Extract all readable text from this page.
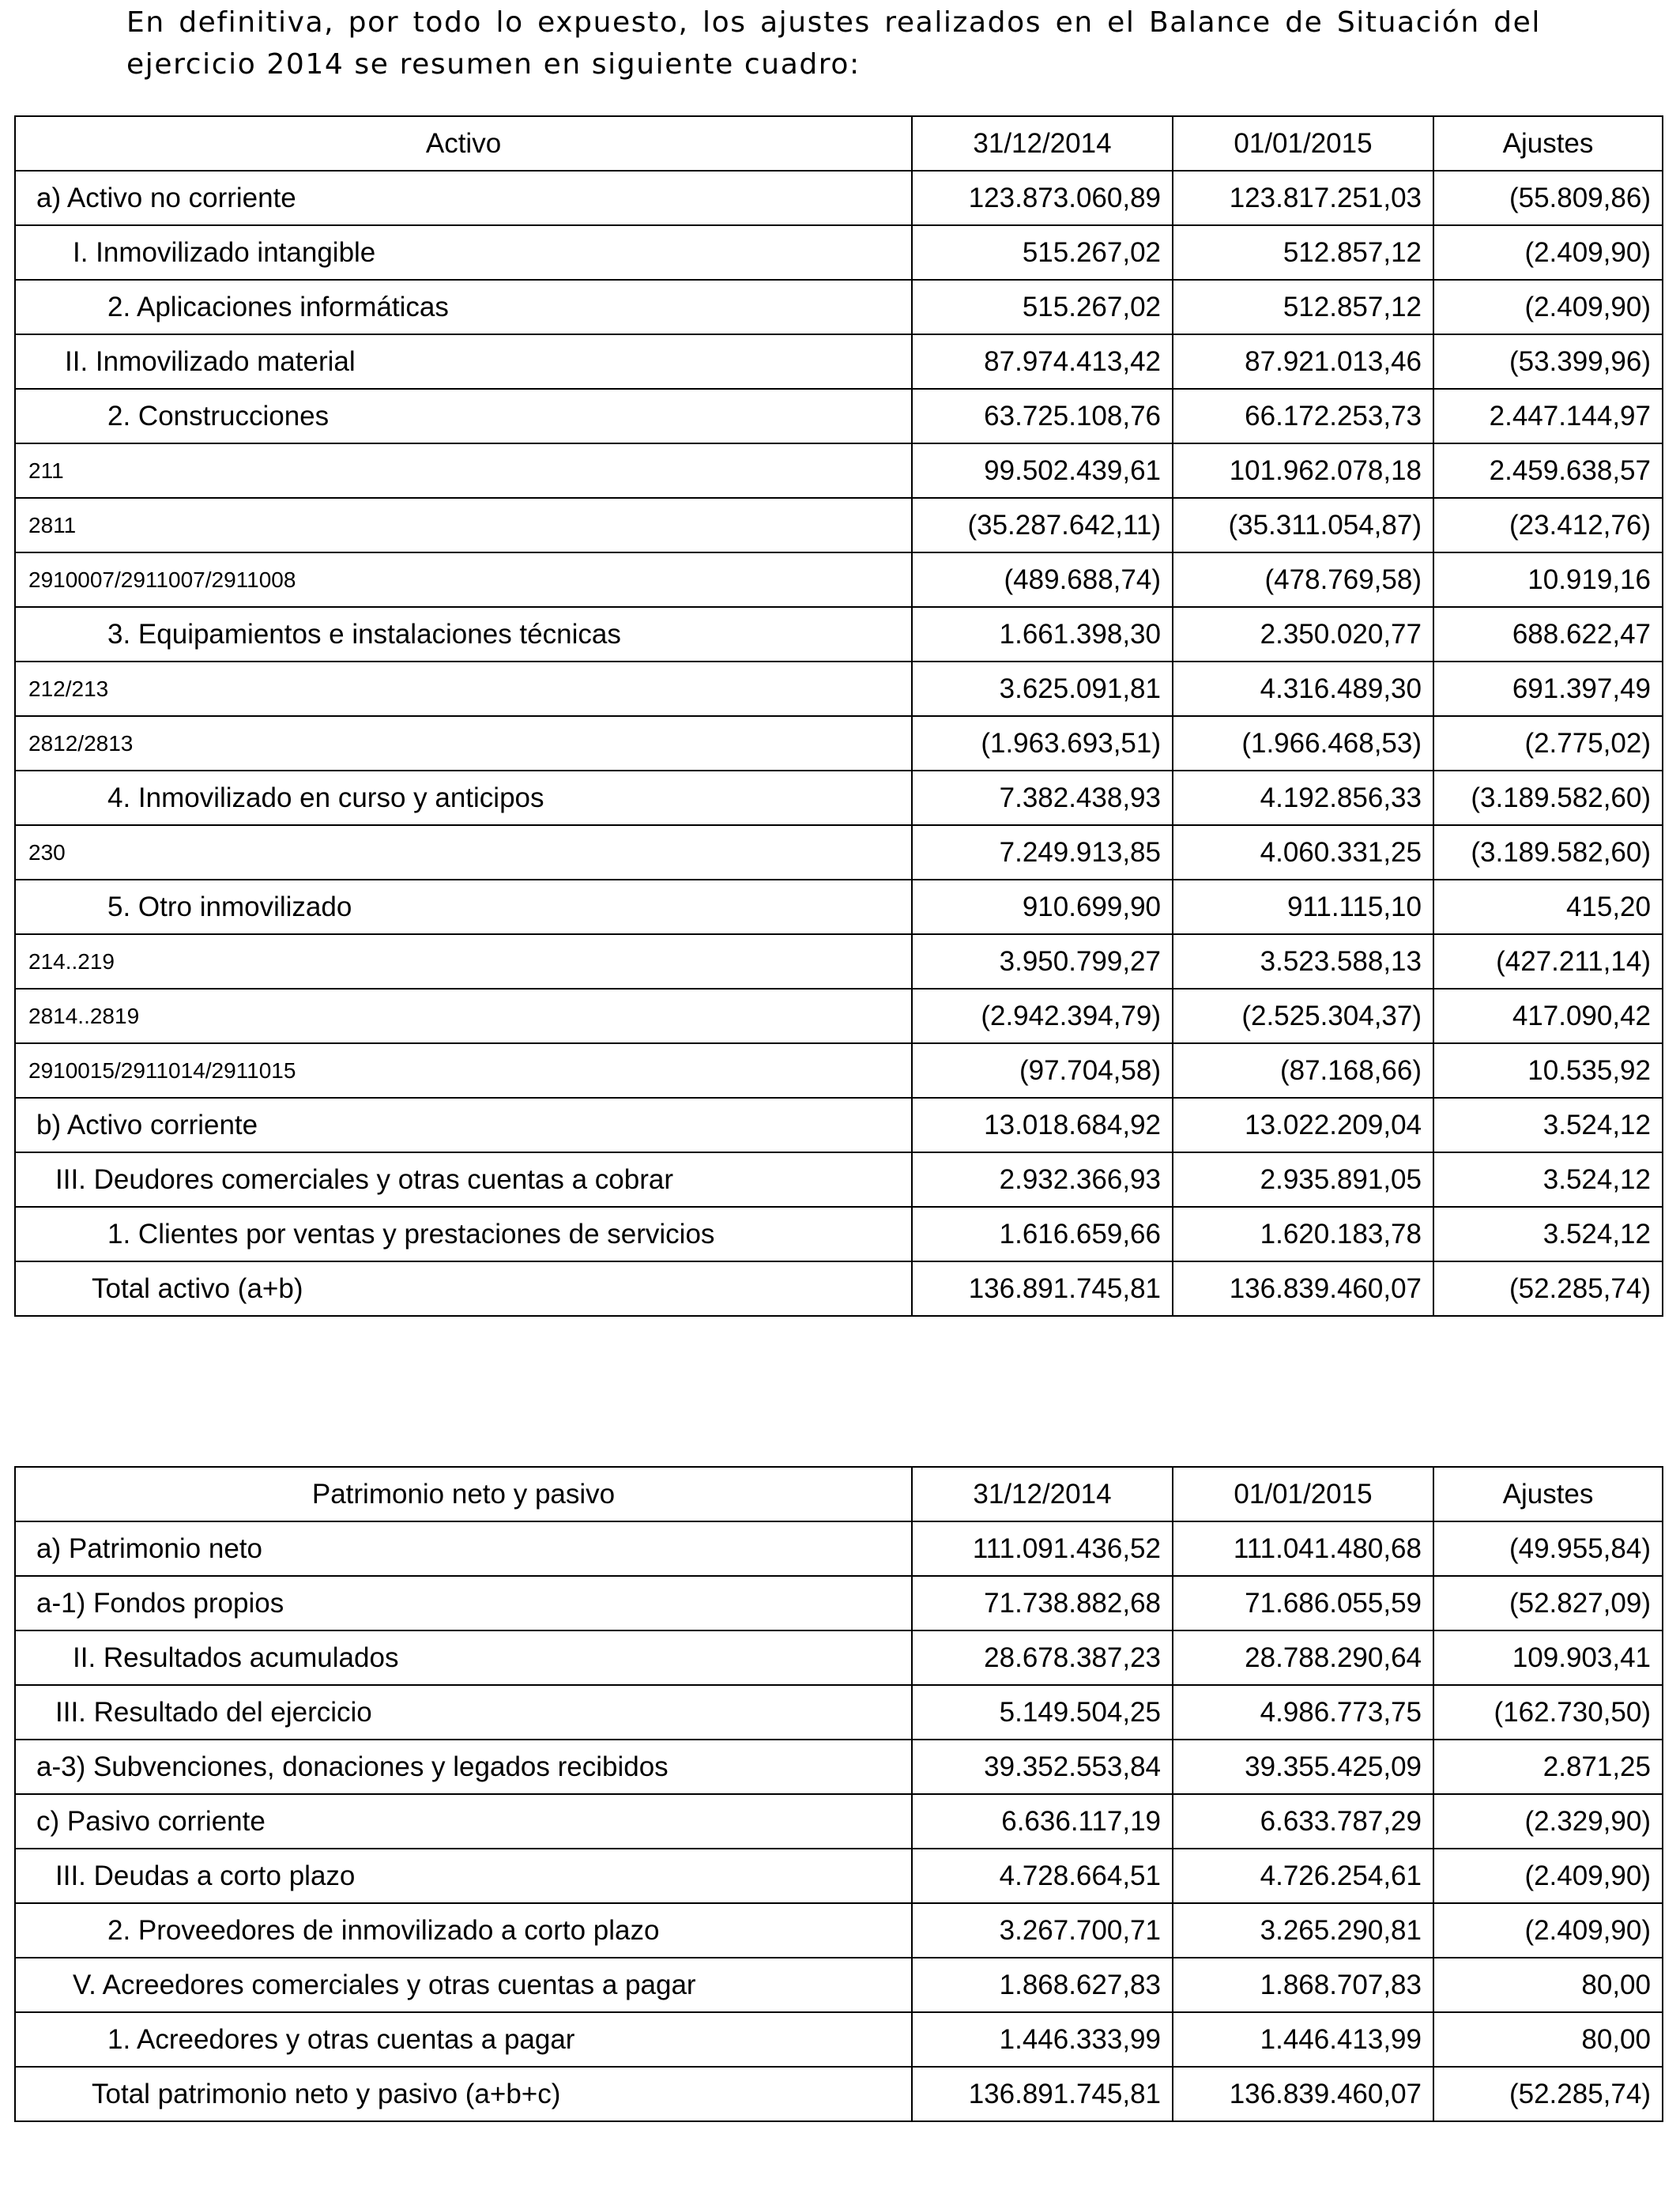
En definitiva, por todo lo expuesto, los ajustes realizados en el Balance de Situación del ejercicio 2014 se resumen en siguiente cuadro:

Activo	31/12/2014	01/01/2015	Ajustes
a) Activo no corriente	123.873.060,89	123.817.251,03	(55.809,86)
I. Inmovilizado intangible	515.267,02	512.857,12	(2.409,90)
2. Aplicaciones informáticas	515.267,02	512.857,12	(2.409,90)
II. Inmovilizado material	87.974.413,42	87.921.013,46	(53.399,96)
2. Construcciones	63.725.108,76	66.172.253,73	2.447.144,97
211	99.502.439,61	101.962.078,18	2.459.638,57
2811	(35.287.642,11)	(35.311.054,87)	(23.412,76)
2910007/2911007/2911008	(489.688,74)	(478.769,58)	10.919,16
3. Equipamientos e instalaciones técnicas	1.661.398,30	2.350.020,77	688.622,47
212/213	3.625.091,81	4.316.489,30	691.397,49
2812/2813	(1.963.693,51)	(1.966.468,53)	(2.775,02)
4. Inmovilizado en curso y anticipos	7.382.438,93	4.192.856,33	(3.189.582,60)
230	7.249.913,85	4.060.331,25	(3.189.582,60)
5. Otro inmovilizado	910.699,90	911.115,10	415,20
214..219	3.950.799,27	3.523.588,13	(427.211,14)
2814..2819	(2.942.394,79)	(2.525.304,37)	417.090,42
2910015/2911014/2911015	(97.704,58)	(87.168,66)	10.535,92
b) Activo corriente	13.018.684,92	13.022.209,04	3.524,12
III. Deudores comerciales y otras cuentas a cobrar	2.932.366,93	2.935.891,05	3.524,12
1. Clientes por ventas y prestaciones de servicios	1.616.659,66	1.620.183,78	3.524,12
Total activo (a+b)	136.891.745,81	136.839.460,07	(52.285,74)
Patrimonio neto y pasivo	31/12/2014	01/01/2015	Ajustes
a) Patrimonio neto	111.091.436,52	111.041.480,68	(49.955,84)
a-1) Fondos propios	71.738.882,68	71.686.055,59	(52.827,09)
II. Resultados acumulados	28.678.387,23	28.788.290,64	109.903,41
III. Resultado del ejercicio	5.149.504,25	4.986.773,75	(162.730,50)
a-3) Subvenciones, donaciones y legados recibidos	39.352.553,84	39.355.425,09	2.871,25
c) Pasivo corriente	6.636.117,19	6.633.787,29	(2.329,90)
III. Deudas a corto plazo	4.728.664,51	4.726.254,61	(2.409,90)
2. Proveedores de inmovilizado a corto plazo	3.267.700,71	3.265.290,81	(2.409,90)
V. Acreedores comerciales y otras cuentas a pagar	1.868.627,83	1.868.707,83	80,00
1. Acreedores y otras cuentas a pagar	1.446.333,99	1.446.413,99	80,00
Total patrimonio neto y pasivo (a+b+c)	136.891.745,81	136.839.460,07	(52.285,74)
